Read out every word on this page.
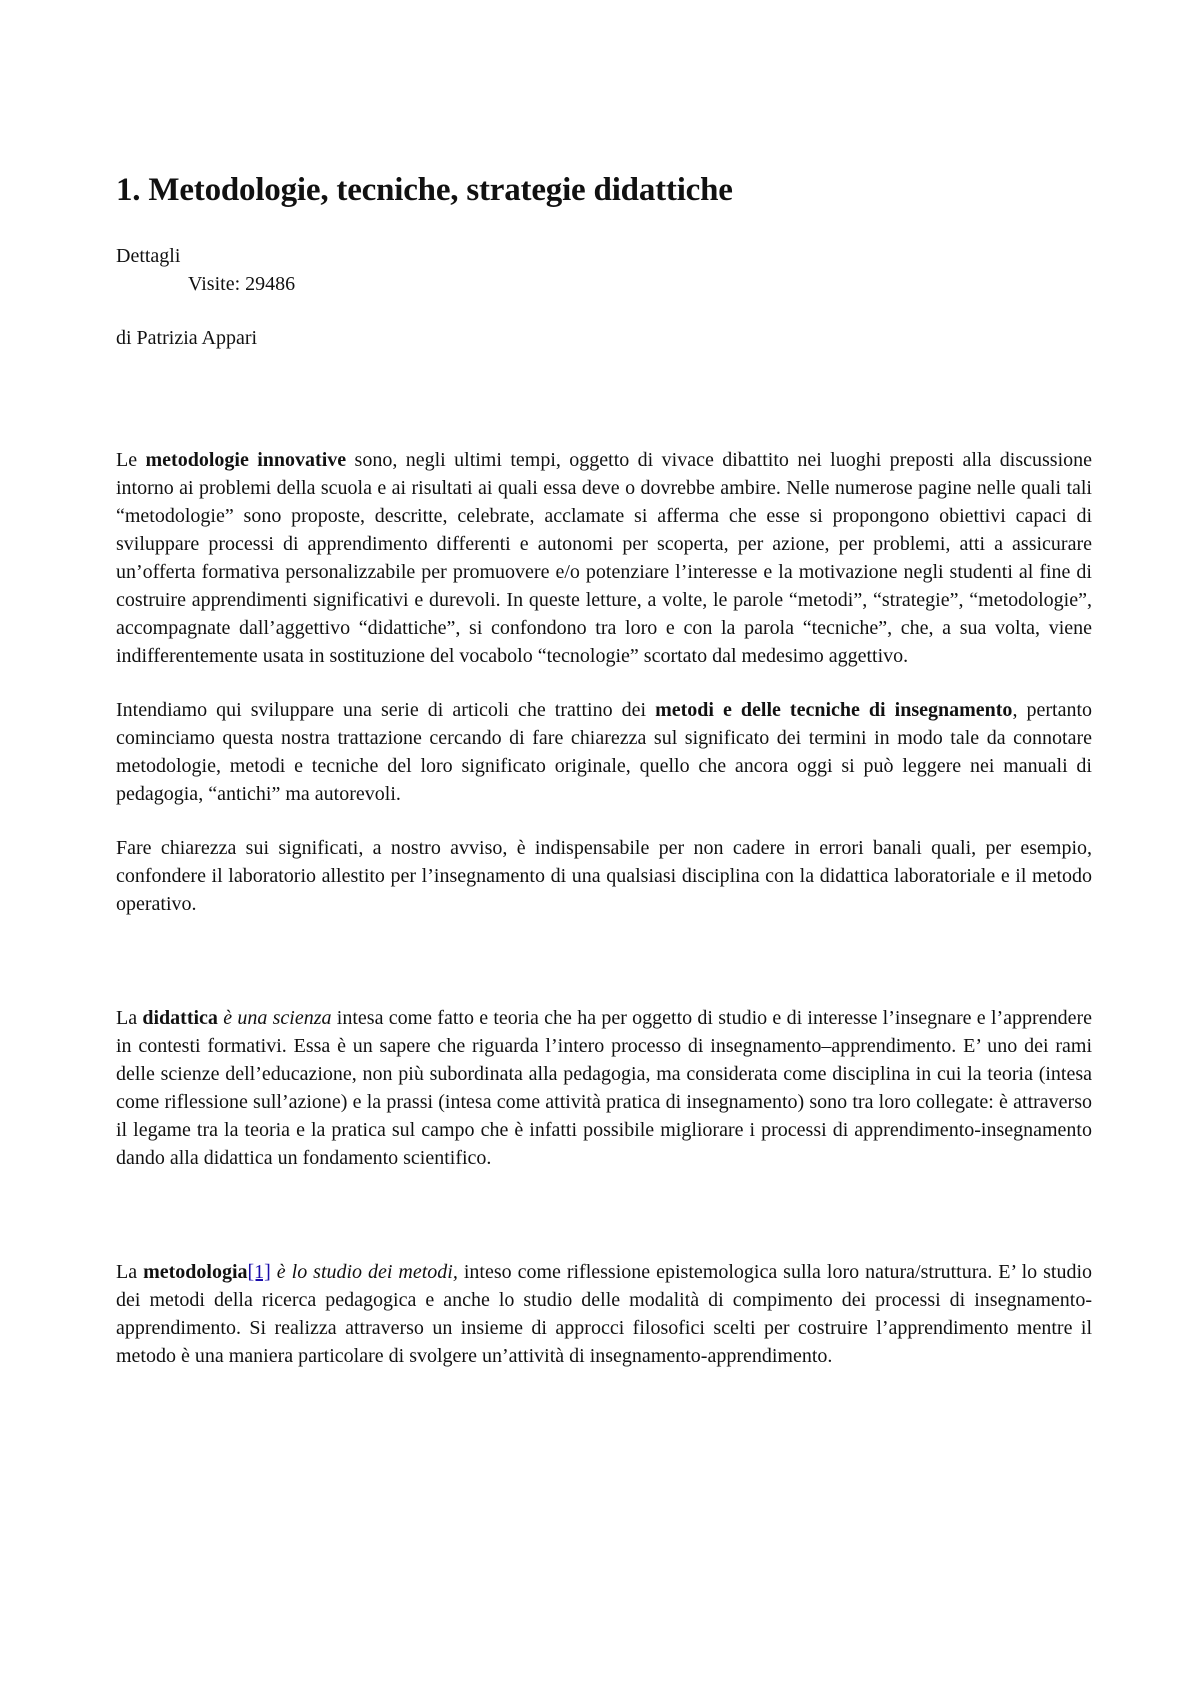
1. Metodologie, tecniche, strategie didattiche
Dettagli
Visite: 29486
di Patrizia Appari

Le metodologie innovative sono, negli ultimi tempi, oggetto di vivace dibattito nei luoghi preposti alla discussione intorno ai problemi della scuola e ai risultati ai quali essa deve o dovrebbe ambire. Nelle numerose pagine nelle quali tali “metodologie” sono proposte, descritte, celebrate, acclamate si afferma che esse si propongono obiettivi capaci di sviluppare processi di apprendimento differenti e autonomi per scoperta, per azione, per problemi, atti a assicurare un’offerta formativa personalizzabile per promuovere e/o potenziare l’interesse e la motivazione negli studenti al fine di costruire apprendimenti significativi e durevoli. In queste letture, a volte, le parole “metodi”, “strategie”, “metodologie”, accompagnate dall’aggettivo “didattiche”, si confondono tra loro e con la parola “tecniche”, che, a sua volta, viene indifferentemente usata in sostituzione del vocabolo “tecnologie” scortato dal medesimo aggettivo.

Intendiamo qui sviluppare una serie di articoli che trattino dei metodi e delle tecniche di insegnamento, pertanto cominciamo questa nostra trattazione cercando di fare chiarezza sul significato dei termini in modo tale da connotare metodologie, metodi e tecniche del loro significato originale, quello che ancora oggi si può leggere nei manuali di pedagogia, “antichi” ma autorevoli.

Fare chiarezza sui significati, a nostro avviso, è indispensabile per non cadere in errori banali quali, per esempio, confondere il laboratorio allestito per l’insegnamento di una qualsiasi disciplina con la didattica laboratoriale e il metodo operativo.

La didattica è una scienza intesa come fatto e teoria che ha per oggetto di studio e di interesse l’insegnare e l’apprendere in contesti formativi. Essa è un sapere che riguarda l’intero processo di insegnamento–apprendimento. E’ uno dei rami delle scienze dell’educazione, non più subordinata alla pedagogia, ma considerata come disciplina in cui la teoria (intesa come riflessione sull’azione) e la prassi (intesa come attività pratica di insegnamento) sono tra loro collegate: è attraverso il legame tra la teoria e la pratica sul campo che è infatti possibile migliorare i processi di apprendimento-insegnamento dando alla didattica un fondamento scientifico.

La metodologia[1] è lo studio dei metodi, inteso come riflessione epistemologica sulla loro natura/struttura. E’ lo studio dei metodi della ricerca pedagogica e anche lo studio delle modalità di compimento dei processi di insegnamento-apprendimento. Si realizza attraverso un insieme di approcci filosofici scelti per costruire l’apprendimento mentre il metodo è una maniera particolare di svolgere un’attività di insegnamento-apprendimento.
